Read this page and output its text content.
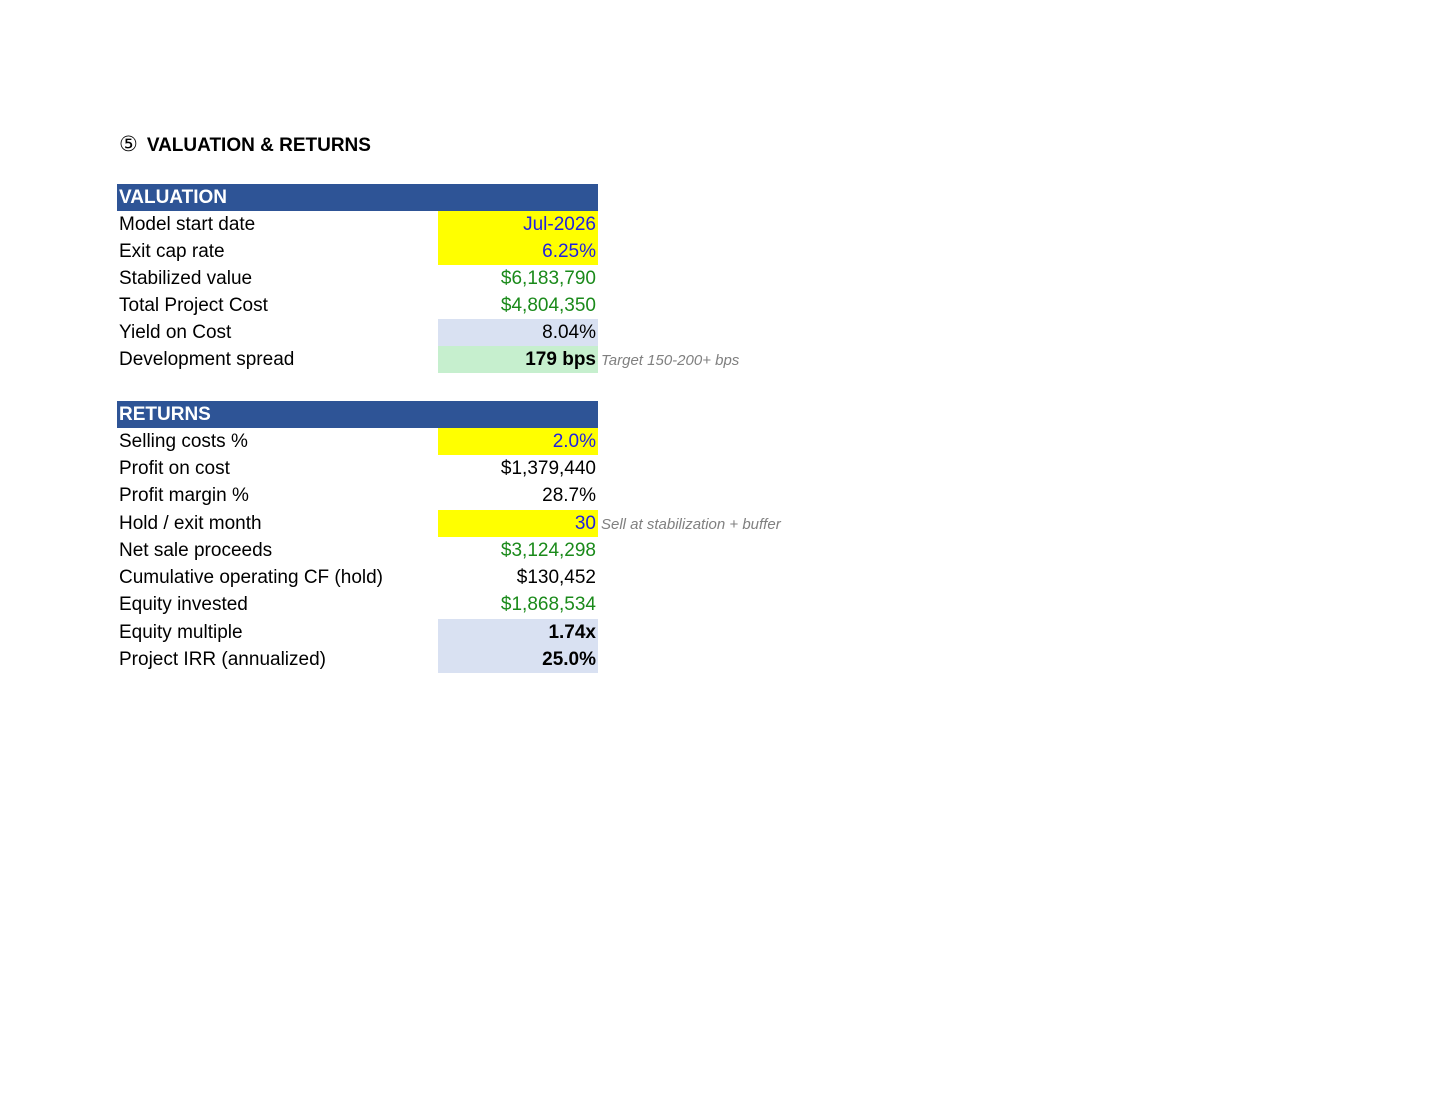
⑤ VALUATION & RETURNS
VALUATION
Model start date	Jul-2026
Exit cap rate	6.25%
Stabilized value	$6,183,790
Total Project Cost	$4,804,350
Yield on Cost	8.04%
Development spread	179 bps Target 150-200+ bps
RETURNS
Selling costs %	2.0%
Profit on cost	$1,379,440
Profit margin %	28.7%
Hold / exit month	30 Sell at stabilization + buffer
Net sale proceeds	$3,124,298
Cumulative operating CF (hold)	$130,452
Equity invested	$1,868,534
Equity multiple	1.74x
Project IRR (annualized)	25.0%
